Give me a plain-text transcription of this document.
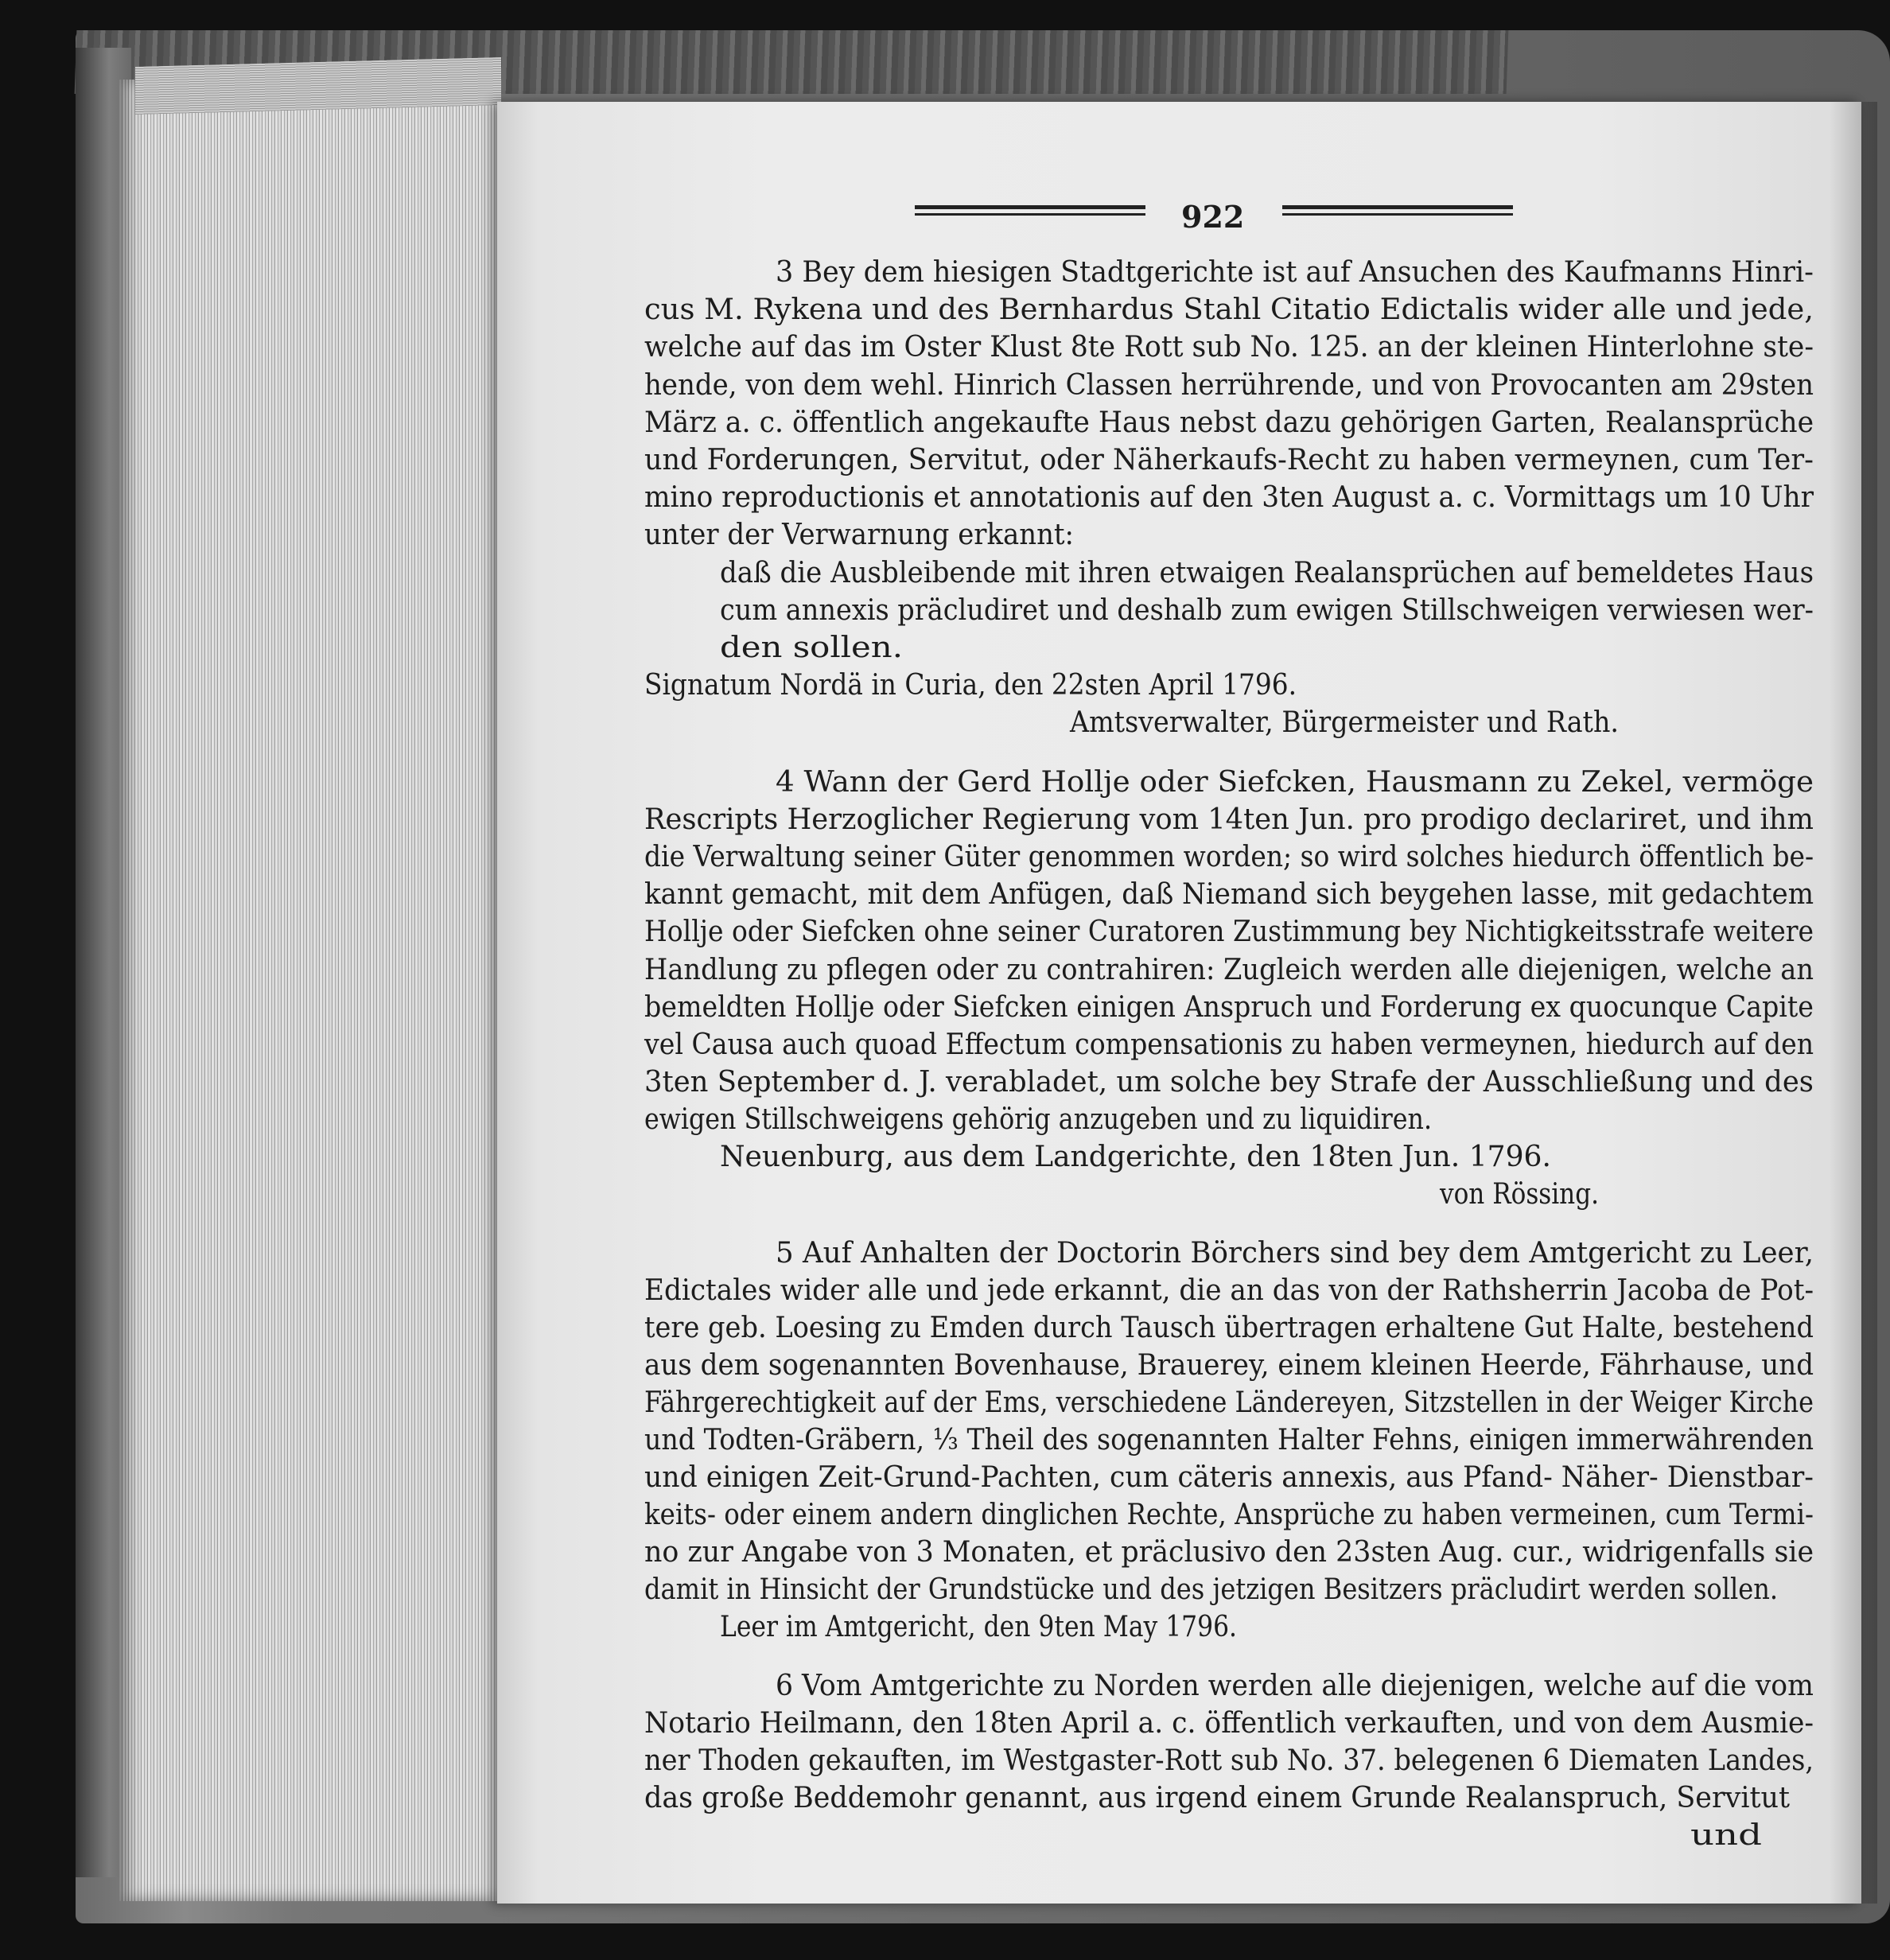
922
3 Bey dem hiesigen Stadtgerichte ist auf Ansuchen des Kaufmanns Hinri-
cus M. Rykena und des Bernhardus Stahl Citatio Edictalis wider alle und jede,
welche auf das im Oster Klust 8te Rott sub No. 125. an der kleinen Hinterlohne ste-
hende, von dem wehl. Hinrich Classen herrührende, und von Provocanten am 29sten
März a. c. öffentlich angekaufte Haus nebst dazu gehörigen Garten, Realansprüche
und Forderungen, Servitut, oder Näherkaufs-Recht zu haben vermeynen, cum Ter-
mino reproductionis et annotationis auf den 3ten August a. c. Vormittags um 10 Uhr
unter der Verwarnung erkannt:
daß die Ausbleibende mit ihren etwaigen Realansprüchen auf bemeldetes Haus
cum annexis präcludiret und deshalb zum ewigen Stillschweigen verwiesen wer-
den sollen.
Signatum Nordä in Curia, den 22sten April 1796.
Amtsverwalter, Bürgermeister und Rath.
4 Wann der Gerd Hollje oder Siefcken, Hausmann zu Zekel, vermöge
Rescripts Herzoglicher Regierung vom 14ten Jun. pro prodigo declariret, und ihm
die Verwaltung seiner Güter genommen worden; so wird solches hiedurch öffentlich be-
kannt gemacht, mit dem Anfügen, daß Niemand sich beygehen lasse, mit gedachtem
Hollje oder Siefcken ohne seiner Curatoren Zustimmung bey Nichtigkeitsstrafe weitere
Handlung zu pflegen oder zu contrahiren: Zugleich werden alle diejenigen, welche an
bemeldten Hollje oder Siefcken einigen Anspruch und Forderung ex quocunque Capite
vel Causa auch quoad Effectum compensationis zu haben vermeynen, hiedurch auf den
3ten September d. J. verabladet, um solche bey Strafe der Ausschließung und des
ewigen Stillschweigens gehörig anzugeben und zu liquidiren.
Neuenburg, aus dem Landgerichte, den 18ten Jun. 1796.
von Rössing.
5 Auf Anhalten der Doctorin Börchers sind bey dem Amtgericht zu Leer,
Edictales wider alle und jede erkannt, die an das von der Rathsherrin Jacoba de Pot-
tere geb. Loesing zu Emden durch Tausch übertragen erhaltene Gut Halte, bestehend
aus dem sogenannten Bovenhause, Brauerey, einem kleinen Heerde, Fährhause, und
Fährgerechtigkeit auf der Ems, verschiedene Ländereyen, Sitzstellen in der Weiger Kirche
und Todten-Gräbern, ⅓ Theil des sogenannten Halter Fehns, einigen immerwährenden
und einigen Zeit-Grund-Pachten, cum cäteris annexis, aus Pfand- Näher- Dienstbar-
keits- oder einem andern dinglichen Rechte, Ansprüche zu haben vermeinen, cum Termi-
no zur Angabe von 3 Monaten, et präclusivo den 23sten Aug. cur., widrigenfalls sie
damit in Hinsicht der Grundstücke und des jetzigen Besitzers präcludirt werden sollen.
Leer im Amtgericht, den 9ten May 1796.
6 Vom Amtgerichte zu Norden werden alle diejenigen, welche auf die vom
Notario Heilmann, den 18ten April a. c. öffentlich verkauften, und von dem Ausmie-
ner Thoden gekauften, im Westgaster-Rott sub No. 37. belegenen 6 Diematen Landes,
das große Beddemohr genannt, aus irgend einem Grunde Realanspruch, Servitut
und
